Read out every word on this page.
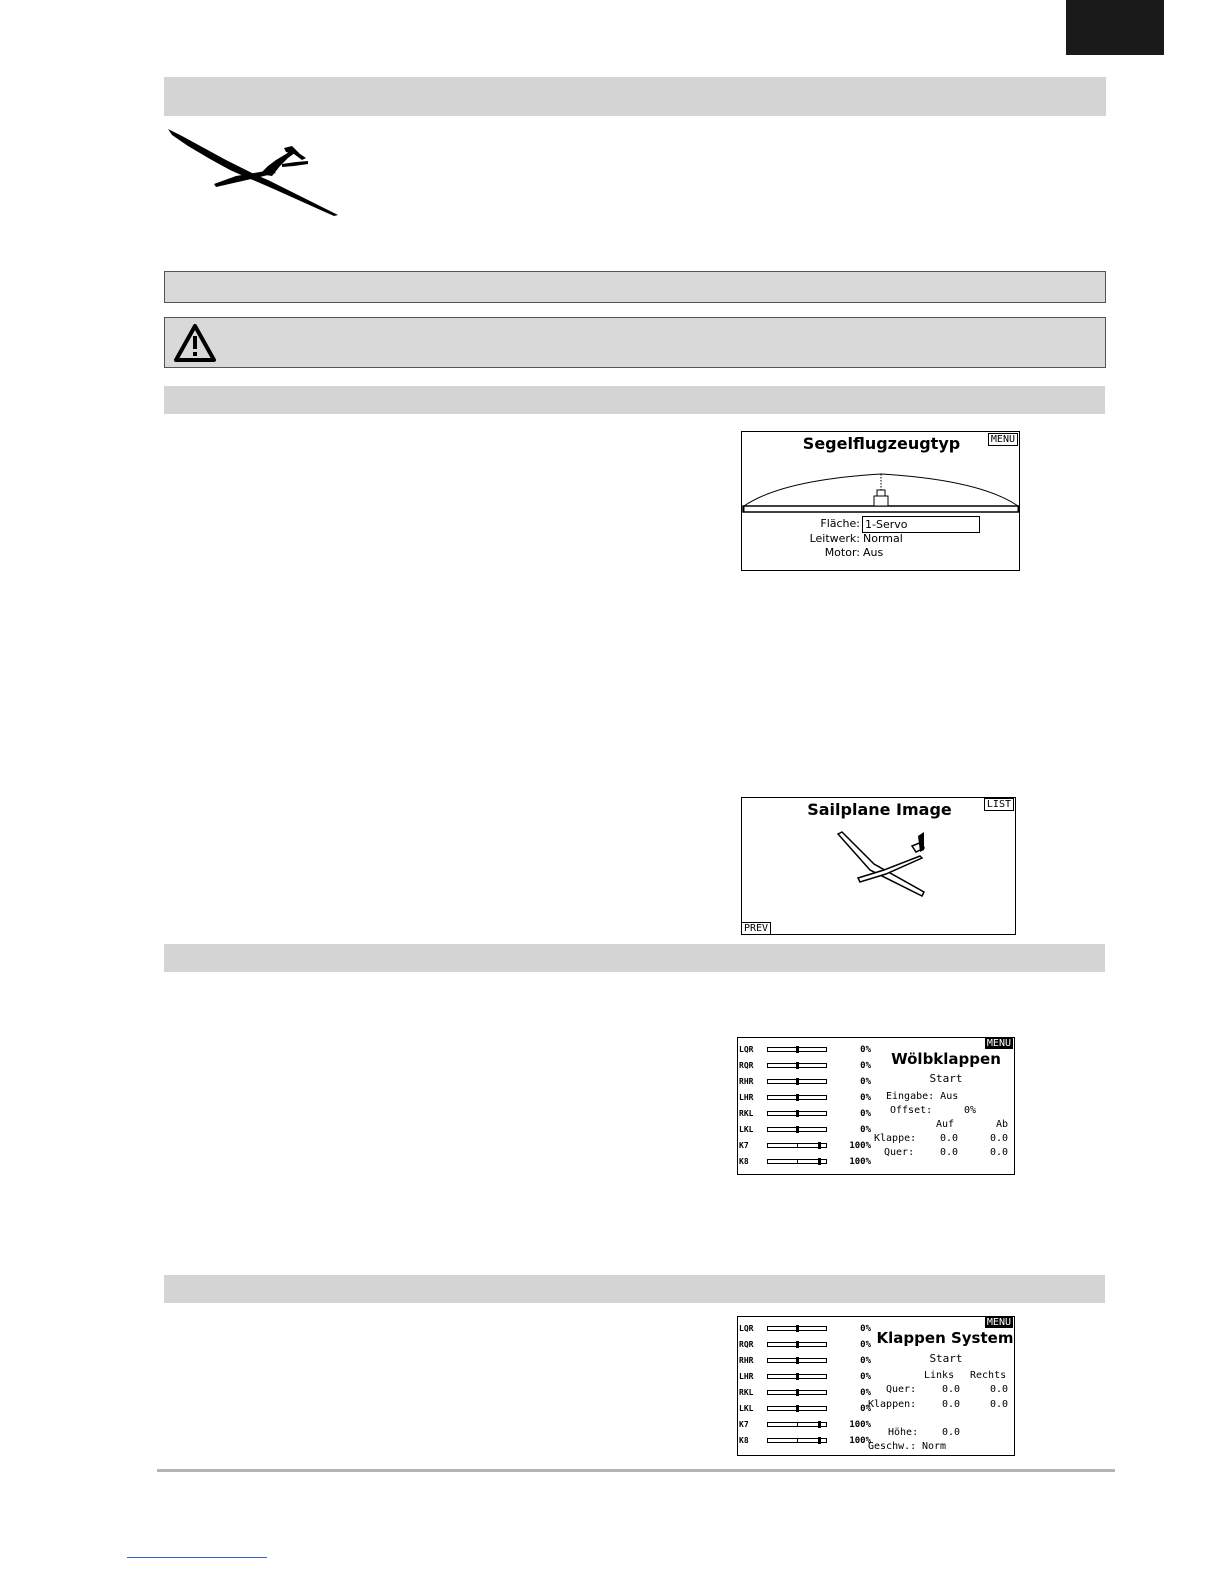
Segelflugzeugtyp	MENU
Fläche: 1-Servo
Leitwerk: Normal
Motor: Aus
Sailplane Image	LIST
PREV
LQR	0%
RQR	0%
RHR	0%
LHR	0%
RKL	0%
LKL	0%
K7	100%
K8	100%
MENU
Wölbklappen
Start
Eingabe: Aus
Offset:	0%
Auf	Ab
Klappe: 0.0	0.0
Quer:	0.0	0.0
LQR	0%
RQR	0%
RHR	0%
LHR	0%
RKL	0%
LKL	0%
K7	100%
K8	100%
MENU
Klappen System
Start
Links Rechts
Quer:	0.0	0.0
Klappen:	0.0	0.0
Höhe: 0.0
Geschw.: Norm
